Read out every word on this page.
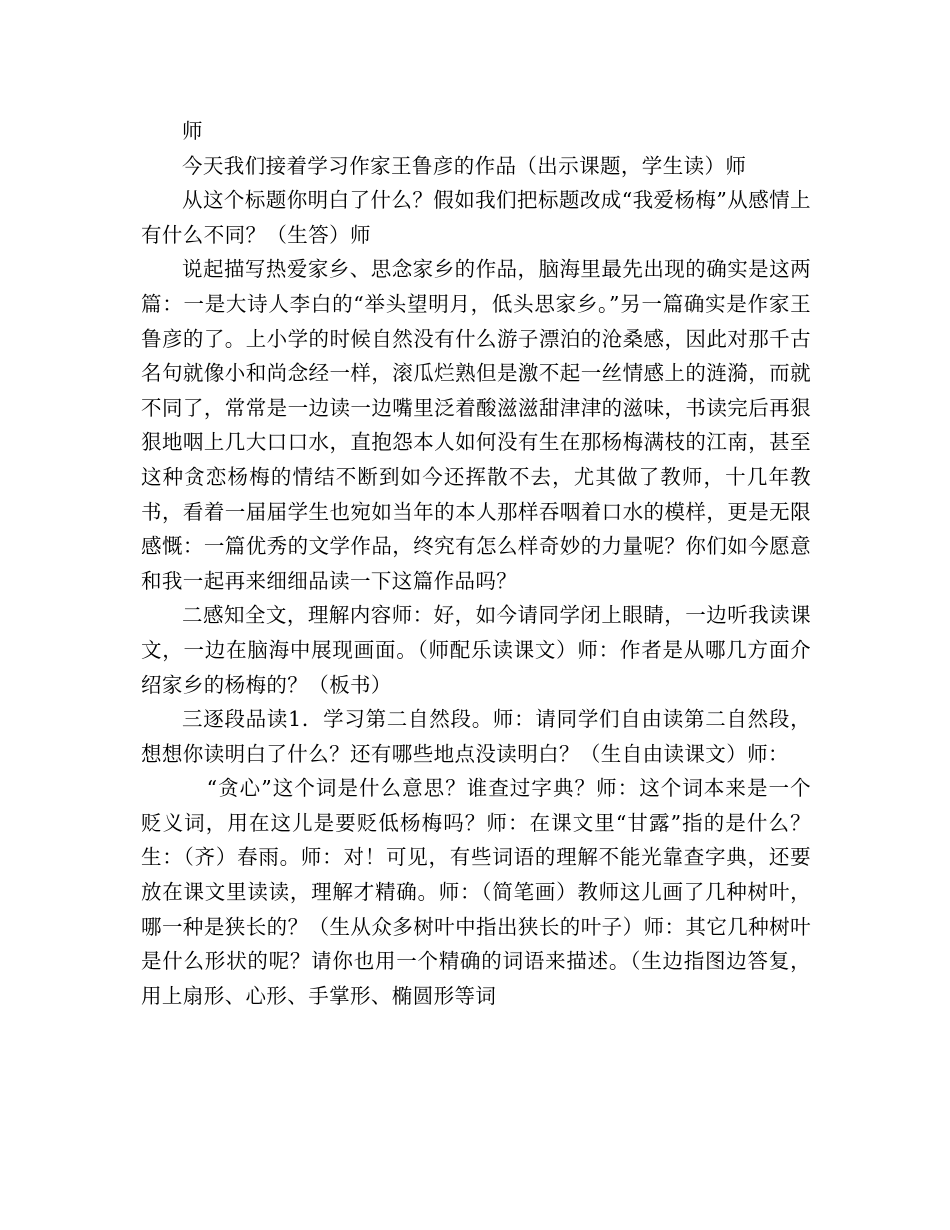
师

今天我们接着学习作家王鲁彦的作品（出示课题，学生读）师

从这个标题你明白了什么？假如我们把标题改成“我爱杨梅”从感情上有什么不同？（生答）师

说起描写热爱家乡、思念家乡的作品，脑海里最先出现的确实是这两篇：一是大诗人李白的“举头望明月，低头思家乡。”另一篇确实是作家王鲁彦的了。上小学的时候自然没有什么游子漂泊的沧桑感，因此对那千古名句就像小和尚念经一样，滚瓜烂熟但是激不起一丝情感上的涟漪，而就不同了，常常是一边读一边嘴里泛着酸滋滋甜津津的滋味，书读完后再狠狠地咽上几大口口水，直抱怨本人如何没有生在那杨梅满枝的江南，甚至这种贪恋杨梅的情结不断到如今还挥散不去，尤其做了教师，十几年教书，看着一届届学生也宛如当年的本人那样吞咽着口水的模样，更是无限感慨：一篇优秀的文学作品，终究有怎么样奇妙的力量呢？你们如今愿意和我一起再来细细品读一下这篇作品吗？

二感知全文，理解内容师：好，如今请同学闭上眼睛，一边听我读课文，一边在脑海中展现画面。（师配乐读课文）师：作者是从哪几方面介绍家乡的杨梅的？（板书）

三逐段品读1．学习第二自然段。师：请同学们自由读第二自然段，想想你读明白了什么？还有哪些地点没读明白？（生自由读课文）师：

“贪心”这个词是什么意思？谁查过字典？师：这个词本来是一个贬义词，用在这儿是要贬低杨梅吗？师：在课文里“甘露”指的是什么？生：（齐）春雨。师：对！可见，有些词语的理解不能光靠查字典，还要放在课文里读读，理解才精确。师：（简笔画）教师这儿画了几种树叶，哪一种是狭长的？（生从众多树叶中指出狭长的叶子）师：其它几种树叶是什么形状的呢？请你也用一个精确的词语来描述。（生边指图边答复，用上扇形、心形、手掌形、椭圆形等词
